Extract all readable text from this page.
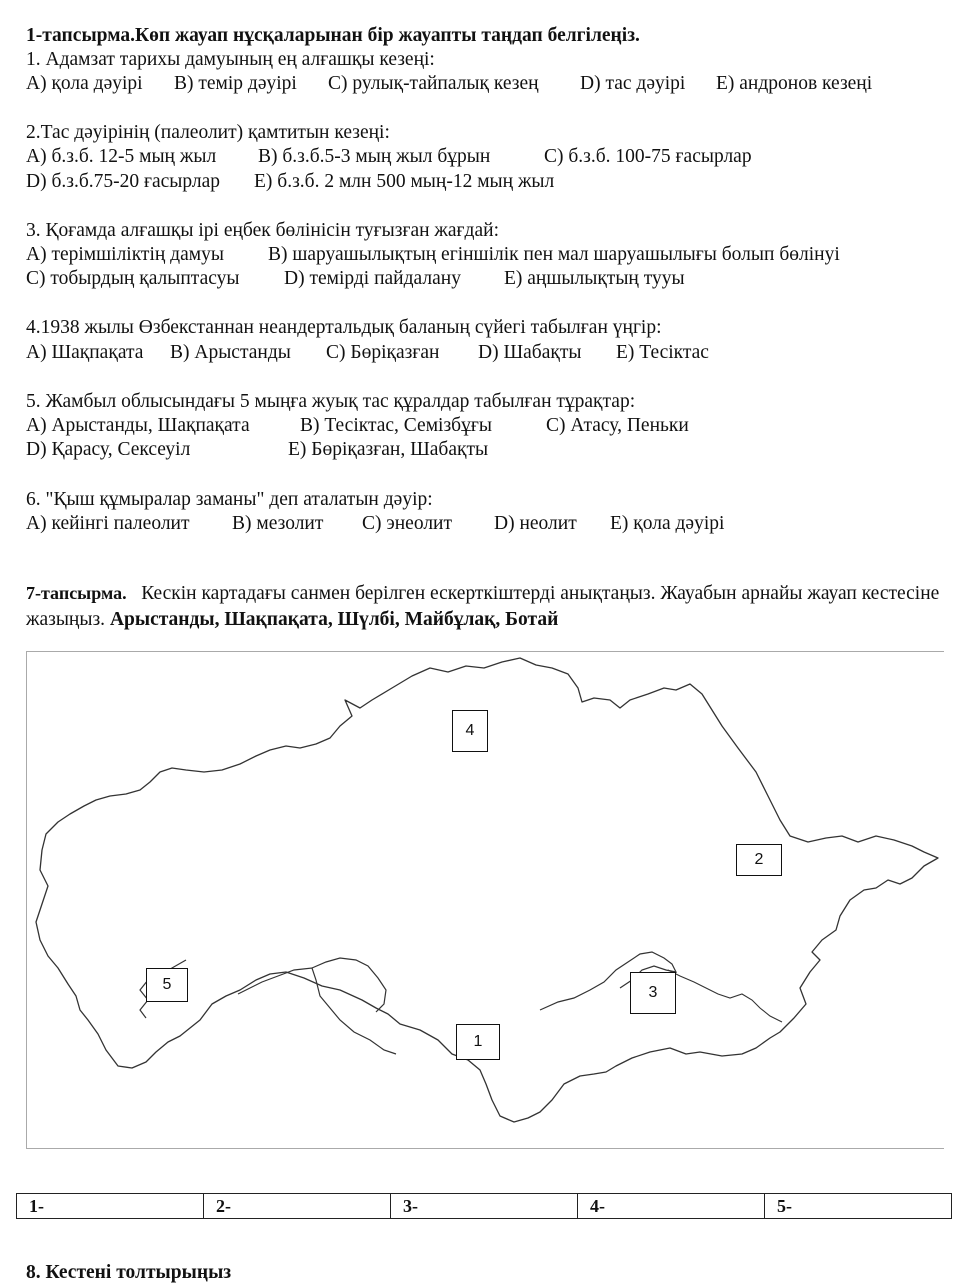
1-тапсырма.Көп жауап нұсқаларынан бір жауапты таңдап белгілеңіз.
1. Адамзат тарихы дамуының ең алғашқы кезеңі:
А) қола дәуірі В) темір дәуірі С) рулық-тайпалық кезең D) тас дәуірі Е) андронов кезеңі
2.Тас дәуірінің (палеолит) қамтитын кезеңі:
А) б.з.б. 12-5 мың жыл В) б.з.б.5-3 мың жыл бұрын	С) б.з.б. 100-75 ғасырлар
D) б.з.б.75-20 ғасырлар Е) б.з.б. 2 млн 500 мың-12 мың жыл
3. Қоғамда алғашқы ірі еңбек бөлінісін туғызған жағдай:
А) терімшіліктің дамуы В) шаруашылықтың егіншілік пен мал шаруашылығы болып бөлінуі
С) тобырдың қалыптасуы D) темірді пайдалану Е) аңшылықтың тууы
4.1938 жылы Өзбекстаннан неандертальдық баланың сүйегі табылған үңгір:
А) Шақпақата В) Арыстанды С) Бөріқазған D) Шабақты Е) Тесіктас
5. Жамбыл облысындағы 5 мыңға жуық тас құралдар табылған тұрақтар:
А) Арыстанды, Шақпақата	В) Тесіктас, Семізбұғы	С) Атасу, Пеньки
D) Қарасу, Сексеуіл	Е) Бөріқазған, Шабақты
6. "Қыш құмыралар заманы" деп аталатын дәуір:
А) кейінгі палеолит В) мезолит С) энеолит D) неолит Е) қола дәуірі
7-тапсырма. Кескін картадағы санмен берілген ескерткіштерді анықтаңыз. Жауабын арнайы жауап кестесіне жазыңыз. Арыстанды, Шақпақата, Шүлбі, Майбұлақ, Ботай
4
2
5	3
1
1-	2-	3-	4-	5-
8. Кестені толтырыңыз
